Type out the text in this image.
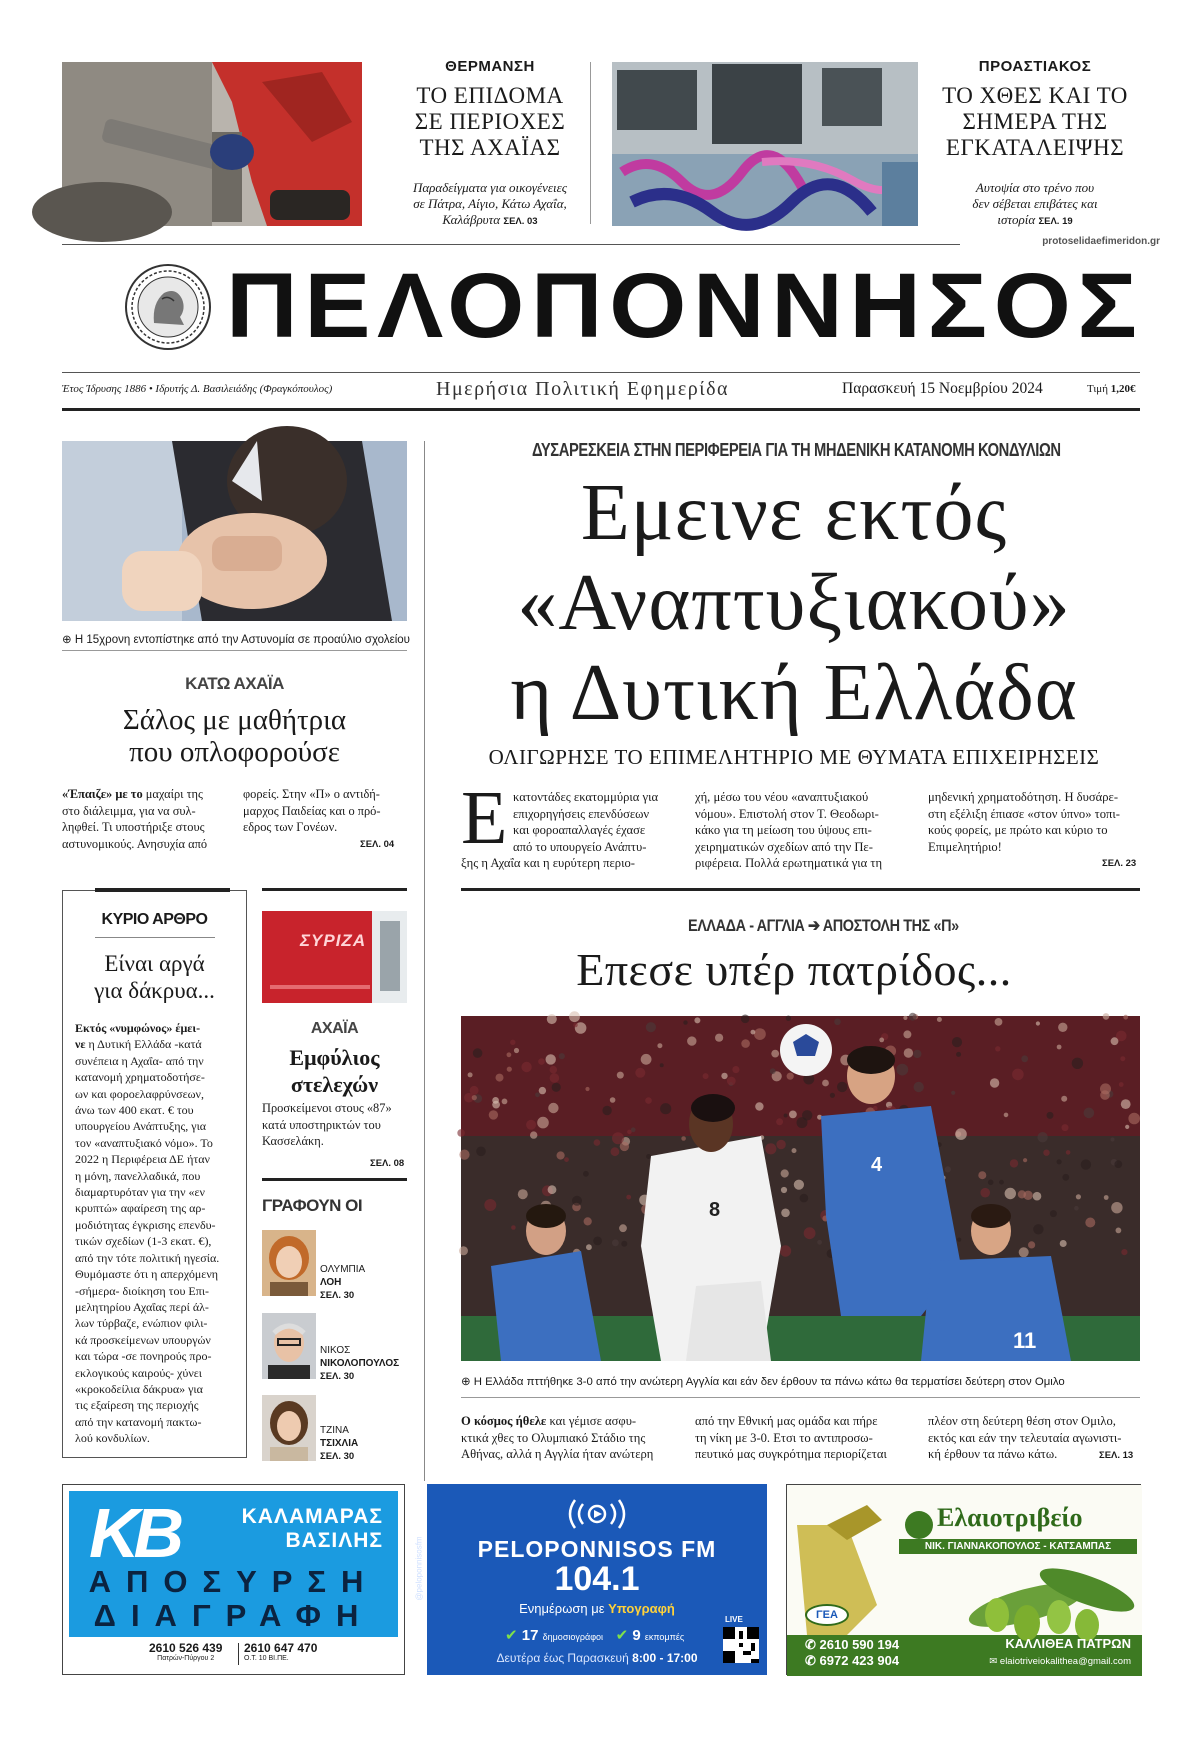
ΘΕΡΜΑΝΣΗ
ΤΟ ΕΠΙΔΟΜΑ
ΣΕ ΠΕΡΙΟΧΕΣ
ΤΗΣ ΑΧΑΪΑΣ
Παραδείγματα για οικογένειες
σε Πάτρα, Αίγιο, Κάτω Αχαΐα,
Καλάβρυτα ΣΕΛ. 03
ΠΡΟΑΣΤΙΑΚΟΣ
ΤΟ ΧΘΕΣ ΚΑΙ ΤΟ
ΣΗΜΕΡΑ ΤΗΣ
ΕΓΚΑΤΑΛΕΙΨΗΣ
Αυτοψία στο τρένο που
δεν σέβεται επιβάτες και
ιστορία ΣΕΛ. 19
protoselidaefimeridon.gr
ΠΕΛΟΠΟΝΝΗΣΟΣ
Έτος Ίδρυσης 1886 • Ιδρυτής Δ. Βασιλειάδης (Φραγκόπουλος)	Ημερήσια Πολιτική Εφημερίδα	Παρασκευή 15 Νοεμβρίου 2024	Τιμή 1,20€
⊕ Η 15χρονη εντοπίστηκε από την Αστυνομία σε προαύλιο σχολείου
ΚΑΤΩ ΑΧΑΪΑ
Σάλος με μαθήτρια
που οπλοφορούσε
«Έπαιζε» με το μαχαίρι της
στο διάλειμμα, για να συλ-
ληφθεί. Τι υποστήριξε στους
αστυνομικούς. Ανησυχία από
φορείς. Στην «Π» ο αντιδή-
μαρχος Παιδείας και ο πρό-
εδρος των Γονέων.
ΣΕΛ. 04
ΔΥΣΑΡΕΣΚΕΙΑ ΣΤΗΝ ΠΕΡΙΦΕΡΕΙΑ ΓΙΑ ΤΗ ΜΗΔΕΝΙΚΗ ΚΑΤΑΝΟΜΗ ΚΟΝΔΥΛΙΩΝ
Εμεινε εκτός
«Αναπτυξιακού»
η Δυτική Ελλάδα
ΟΛΙΓΩΡΗΣΕ ΤΟ ΕΠΙΜΕΛΗΤΗΡΙΟ ΜΕ ΘΥΜΑΤΑ ΕΠΙΧΕΙΡΗΣΕΙΣ
Ε κατοντάδες εκατομμύρια για
επιχορηγήσεις επενδύσεων
και φοροαπαλλαγές έχασε
από το υπουργείο Ανάπτυ-
ξης η Αχαΐα και η ευρύτερη περιο-
χή, μέσω του νέου «αναπτυξιακού
νόμου». Επιστολή στον Τ. Θεοδωρι-
κάκο για τη μείωση του ύψους επι-
χειρηματικών σχεδίων από την Πε-
ριφέρεια. Πολλά ερωτηματικά για τη
μηδενική χρηματοδότηση. Η δυσάρε-
στη εξέλιξη έπιασε «στον ύπνο» τοπι-
κούς φορείς, με πρώτο και κύριο το
Επιμελητήριο!
ΣΕΛ. 23
ΚΥΡΙΟ ΑΡΘΡΟ
Είναι αργά
για δάκρυα...
Εκτός «νυμφώνος» έμει-
νε η Δυτική Ελλάδα -κατά
συνέπεια η Αχαΐα- από την
κατανομή χρηματοδοτήσε-
ων και φοροελαφρύνσεων,
άνω των 400 εκατ. € του
υπουργείου Ανάπτυξης, για
τον «αναπτυξιακό νόμο». Το
2022 η Περιφέρεια ΔΕ ήταν
η μόνη, πανελλαδικά, που
διαμαρτυρόταν για την «εν
κρυπτώ» αφαίρεση της αρ-
μοδιότητας έγκρισης επενδυ-
τικών σχεδίων (1-3 εκατ. €),
από την τότε πολιτική ηγεσία.
Θυμόμαστε ότι η απερχόμενη
-σήμερα- διοίκηση του Επι-
μελητηρίου Αχαΐας περί άλ-
λων τύρβαζε, ενώπιον φιλι-
κά προσκείμενων υπουργών
και τώρα -σε πονηρούς προ-
εκλογικούς καιρούς- χύνει
«κροκοδείλια δάκρυα» για
τις εξαίρεση της περιοχής
από την κατανομή πακτω-
λού κονδυλίων.
ΣΥΡΙΖΑ
ΑΧΑΪΑ
Εμφύλιος
στελεχών
Προσκείμενοι στους «87»
κατά υποστηρικτών του
Κασσελάκη.
ΣΕΛ. 08
ΓΡΑΦΟΥΝ ΟΙ
ΟΛΥΜΠΙΑ
ΛΟΗ
ΣΕΛ. 30
ΝΙΚΟΣ
ΝΙΚΟΛΟΠΟΥΛΟΣ
ΣΕΛ. 30
ΤΖΙΝΑ
ΤΣΙΧΛΙΑ
ΣΕΛ. 30
ΕΛΛΑΔΑ - ΑΓΓΛΙΑ ➔ ΑΠΟΣΤΟΛΗ ΤΗΣ «Π»
Επεσε υπέρ πατρίδος...
8
4
11
⊕ Η Ελλάδα πττήθηκε 3-0 από την ανώτερη Αγγλία και εάν δεν έρθουν τα πάνω κάτω θα τερματίσει δεύτερη στον Ομιλο
Ο κόσμος ήθελε και γέμισε ασφυ-
κτικά χθες το Ολυμπιακό Στάδιο της
Αθήνας, αλλά η Αγγλία ήταν ανώτερη
από την Εθνική μας ομάδα και πήρε
τη νίκη με 3-0. Ετσι το αντιπροσω-
πευτικό μας συγκρότημα περιορίζεται
πλέον στη δεύτερη θέση στον Ομιλο,
εκτός και εάν την τελευταία αγωνιστι-
κή έρθουν τα πάνω κάτω.	ΣΕΛ. 13
KB	ΚΑΛΑΜΑΡΑΣ
ΒΑΣΙΛΗΣ
ΑΠΟΣΥΡΣΗ
ΔΙΑΓΡΑΦΗ
2610 526 439
Πατρών-Πύργου 2
2610 647 470
Ο.Τ. 10 ΒΙ.ΠΕ.
@peloponnisosfm	PELOPONNISOS FM
104.1
Ενημέρωση με Υπογραφή
✔ 17 δημοσιογράφοι ✔ 9 εκπομπές
Δευτέρα έως Παρασκευή 8:00 - 17:00
LIVE
Ελαιοτριβείο
ΝΙΚ. ΓΙΑΝΝΑΚΟΠΟΥΛΟΣ - ΚΑΤΣΑΜΠΑΣ
ΓΕΑ
✆ 2610 590 194
✆ 6972 423 904
ΚΑΛΛΙΘΕΑ ΠΑΤΡΩΝ
✉ elaiotriveiokalithea@gmail.com
